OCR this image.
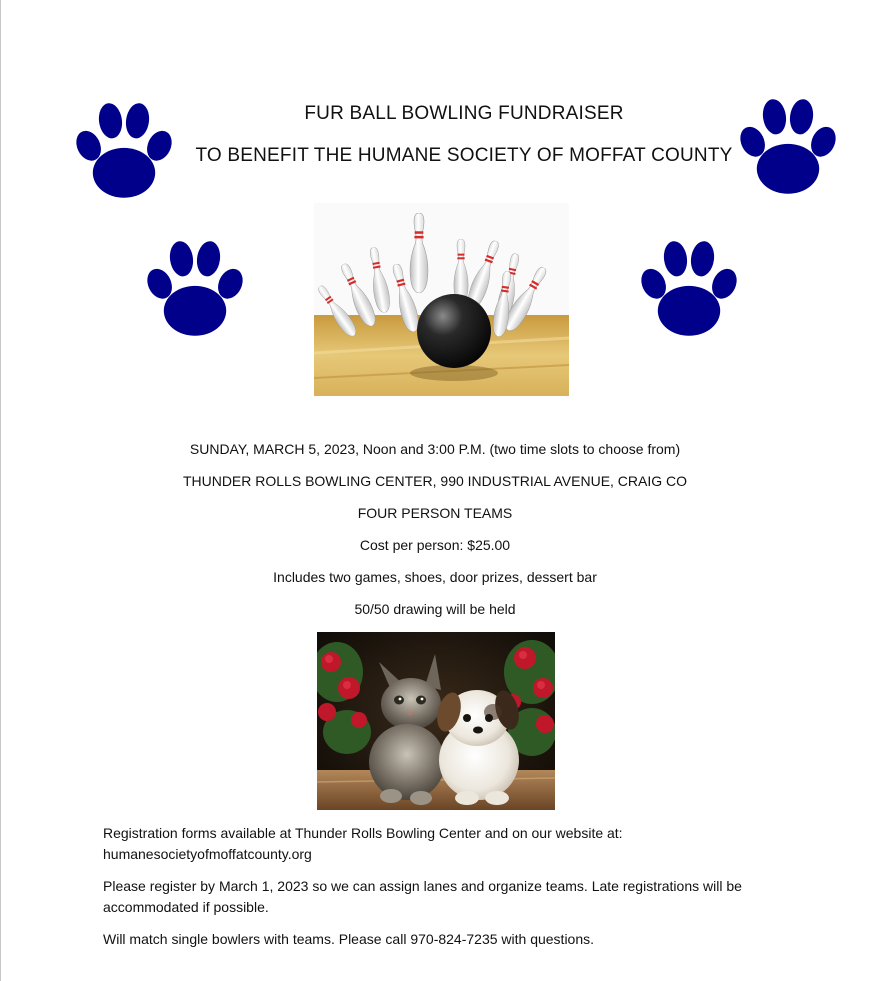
FUR BALL BOWLING FUNDRAISER
TO BENEFIT THE HUMANE SOCIETY OF MOFFAT COUNTY
SUNDAY, MARCH 5, 2023, Noon and 3:00 P.M. (two time slots to choose from)
THUNDER ROLLS BOWLING CENTER, 990 INDUSTRIAL AVENUE, CRAIG CO
FOUR PERSON TEAMS
Cost per person: $25.00
Includes two games, shoes, door prizes, dessert bar
50/50 drawing will be held
Registration forms available at Thunder Rolls Bowling Center and on our website at:
humanesocietyofmoffatcounty.org
Please register by March 1, 2023 so we can assign lanes and organize teams. Late registrations will be accommodated if possible.
Will match single bowlers with teams. Please call 970-824-7235 with questions.
